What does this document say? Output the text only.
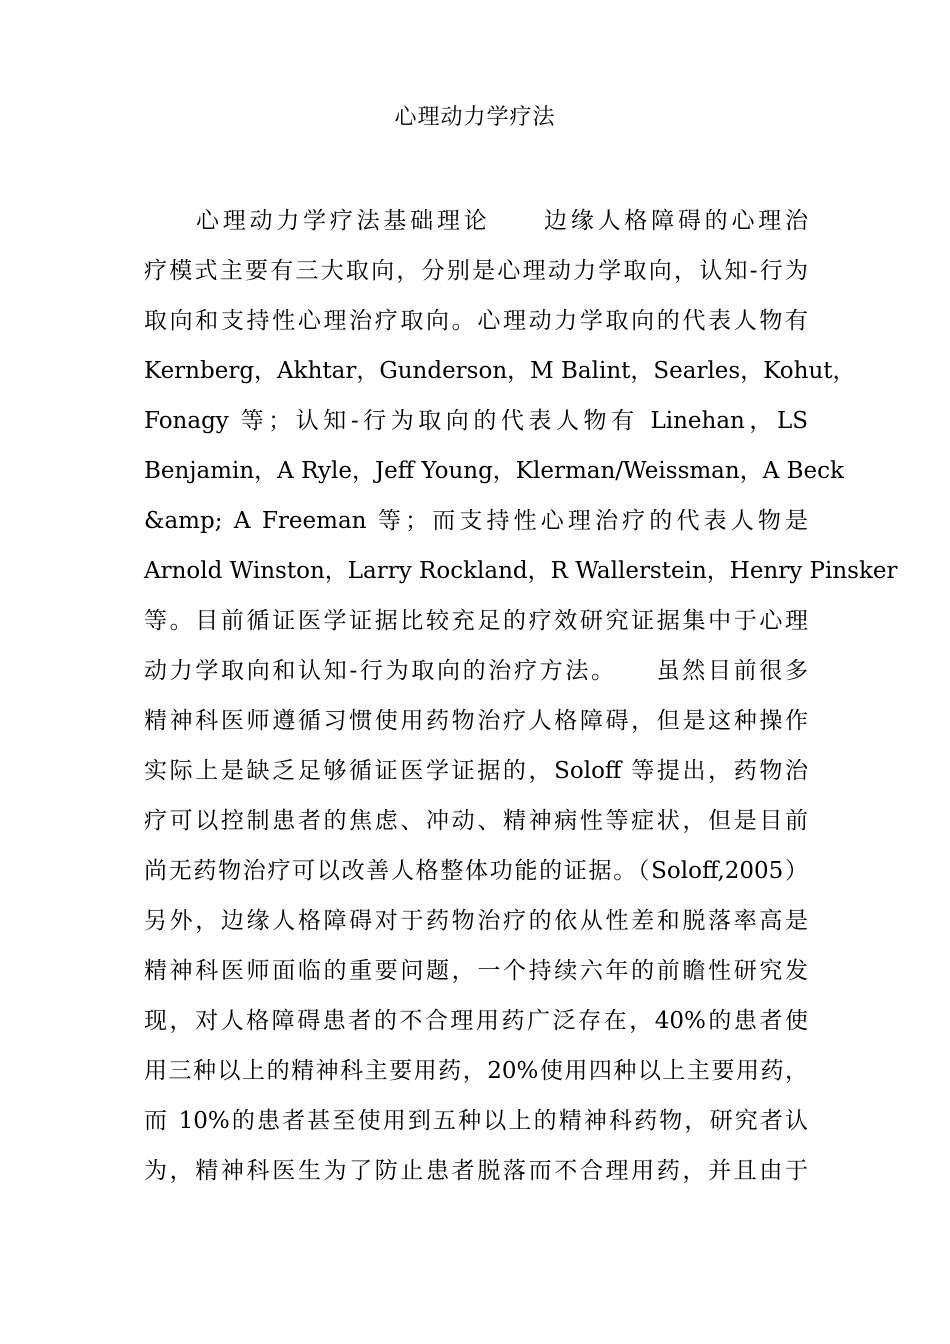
心理动力学疗法
心理动力学疗法基础理论　　边缘人格障碍的心理治
疗模式主要有三大取向，分别是心理动力学取向，认知-行为
取向和支持性心理治疗取向。心理动力学取向的代表人物有
Kernberg，Akhtar，Gunderson，M Balint，Searles，Kohut，
Fonagy 等；认知-行为取向的代表人物有 Linehan，LS
Benjamin，A Ryle，Jeff Young，Klerman/Weissman，A Beck
&amp; A Freeman 等；而支持性心理治疗的代表人物是
Arnold Winston，Larry Rockland，R Wallerstein，Henry Pinsker
等。目前循证医学证据比较充足的疗效研究证据集中于心理
动力学取向和认知-行为取向的治疗方法。　　虽然目前很多
精神科医师遵循习惯使用药物治疗人格障碍，但是这种操作
实际上是缺乏足够循证医学证据的，Soloff 等提出，药物治
疗可以控制患者的焦虑、冲动、精神病性等症状，但是目前
尚无药物治疗可以改善人格整体功能的证据。（Soloff,2005）
另外，边缘人格障碍对于药物治疗的依从性差和脱落率高是
精神科医师面临的重要问题，一个持续六年的前瞻性研究发
现，对人格障碍患者的不合理用药广泛存在，40%的患者使
用三种以上的精神科主要用药，20%使用四种以上主要用药，
而 10%的患者甚至使用到五种以上的精神科药物，研究者认
为，精神科医生为了防止患者脱落而不合理用药，并且由于
